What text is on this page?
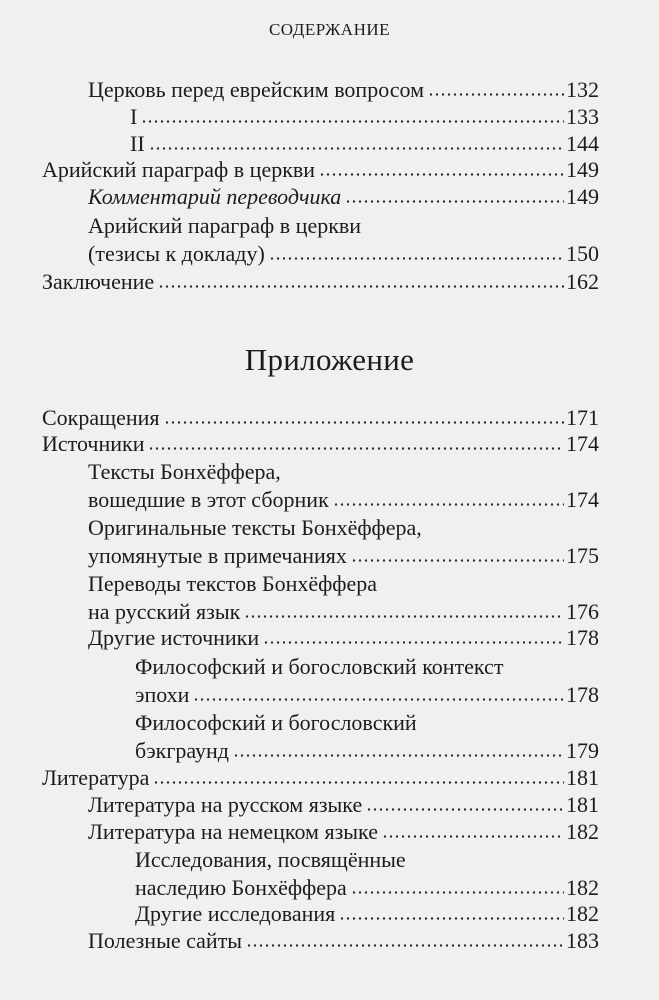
СОДЕРЖАНИЕ
Церковь перед еврейским вопросом	132
I	133
II	144
Арийский параграф в церкви	149
Комментарий переводчика	149
Арийский параграф в церкви
(тезисы к докладу)	150
Заключение	162
Приложение
Сокращения	171
Источники	174
Тексты Бонхёффера,
вошедшие в этот сборник	174
Оригинальные тексты Бонхёффера,
упомянутые в примечаниях	175
Переводы текстов Бонхёффера
на русский язык	176
Другие источники	178
Философский и богословский контекст
эпохи	178
Философский и богословский
бэкграунд	179
Литература	181
Литература на русском языке	181
Литература на немецком языке	182
Исследования, посвящённые
наследию Бонхёффера	182
Другие исследования	182
Полезные сайты	183
